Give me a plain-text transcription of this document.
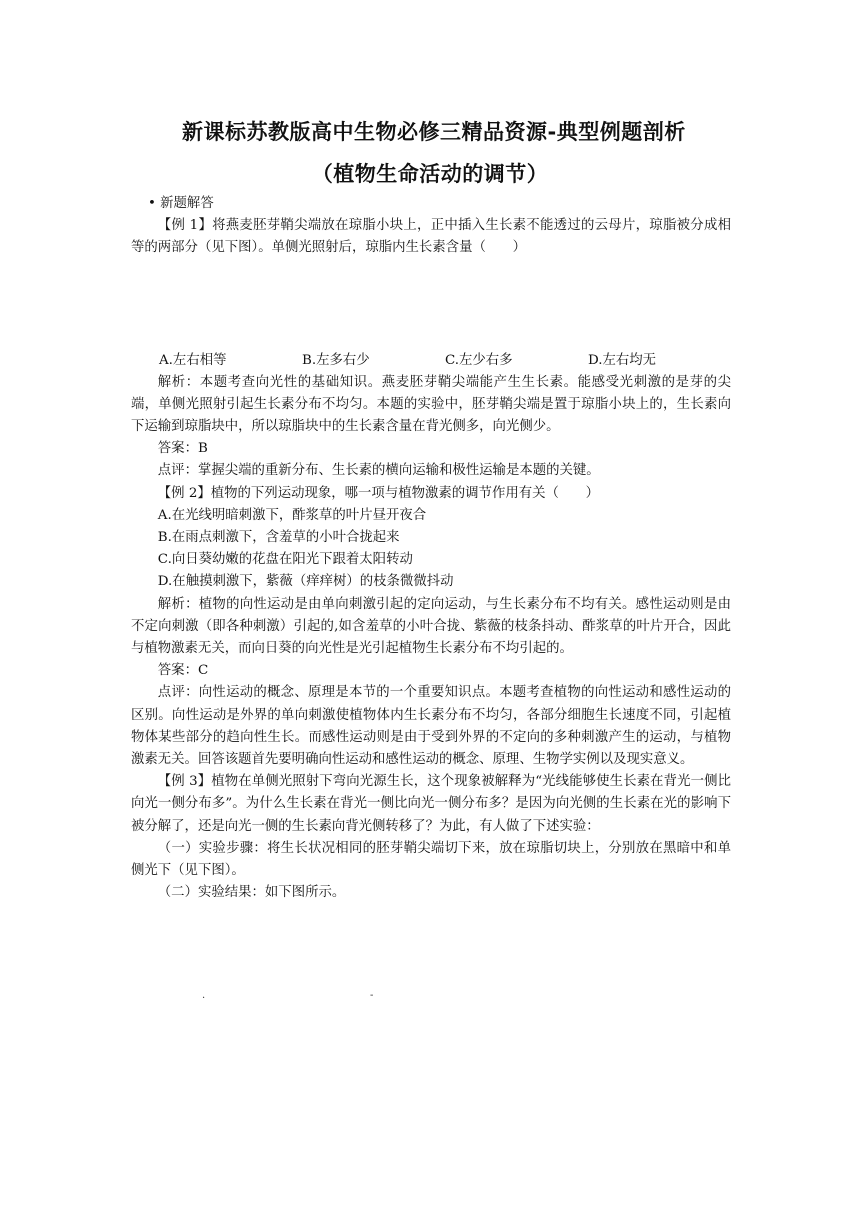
新课标苏教版高中生物必修三精品资源-典型例题剖析
（植物生命活动的调节）

• 新题解答

【例 1】将燕麦胚芽鞘尖端放在琼脂小块上，正中插入生长素不能透过的云母片，琼脂被分成相等的两部分（见下图）。单侧光照射后，琼脂内生长素含量（　　）

A.左右相等	B.左多右少	C.左少右多	D.左右均无

解析：本题考查向光性的基础知识。燕麦胚芽鞘尖端能产生生长素。能感受光刺激的是芽的尖端，单侧光照射引起生长素分布不均匀。本题的实验中，胚芽鞘尖端是置于琼脂小块上的，生长素向下运输到琼脂块中，所以琼脂块中的生长素含量在背光侧多，向光侧少。

答案：B

点评：掌握尖端的重新分布、生长素的横向运输和极性运输是本题的关键。

【例 2】植物的下列运动现象，哪一项与植物激素的调节作用有关（　　）

A.在光线明暗刺激下，酢浆草的叶片昼开夜合

B.在雨点刺激下，含羞草的小叶合拢起来

C.向日葵幼嫩的花盘在阳光下跟着太阳转动

D.在触摸刺激下，紫薇（痒痒树）的枝条微微抖动

解析：植物的向性运动是由单向刺激引起的定向运动，与生长素分布不均有关。感性运动则是由不定向刺激（即各种刺激）引起的,如含羞草的小叶合拢、紫薇的枝条抖动、酢浆草的叶片开合，因此与植物激素无关，而向日葵的向光性是光引起植物生长素分布不均引起的。

答案：C

点评：向性运动的概念、原理是本节的一个重要知识点。本题考查植物的向性运动和感性运动的区别。向性运动是外界的单向刺激使植物体内生长素分布不均匀，各部分细胞生长速度不同，引起植物体某些部分的趋向性生长。而感性运动则是由于受到外界的不定向的多种刺激产生的运动，与植物激素无关。回答该题首先要明确向性运动和感性运动的概念、原理、生物学实例以及现实意义。

【例 3】植物在单侧光照射下弯向光源生长，这个现象被解释为“光线能够使生长素在背光一侧比向光一侧分布多”。为什么生长素在背光一侧比向光一侧分布多？是因为向光侧的生长素在光的影响下被分解了，还是向光一侧的生长素向背光侧转移了？为此，有人做了下述实验：

（一）实验步骤：将生长状况相同的胚芽鞘尖端切下来，放在琼脂切块上，分别放在黑暗中和单侧光下（见下图）。

（二）实验结果：如下图所示。

.	-
